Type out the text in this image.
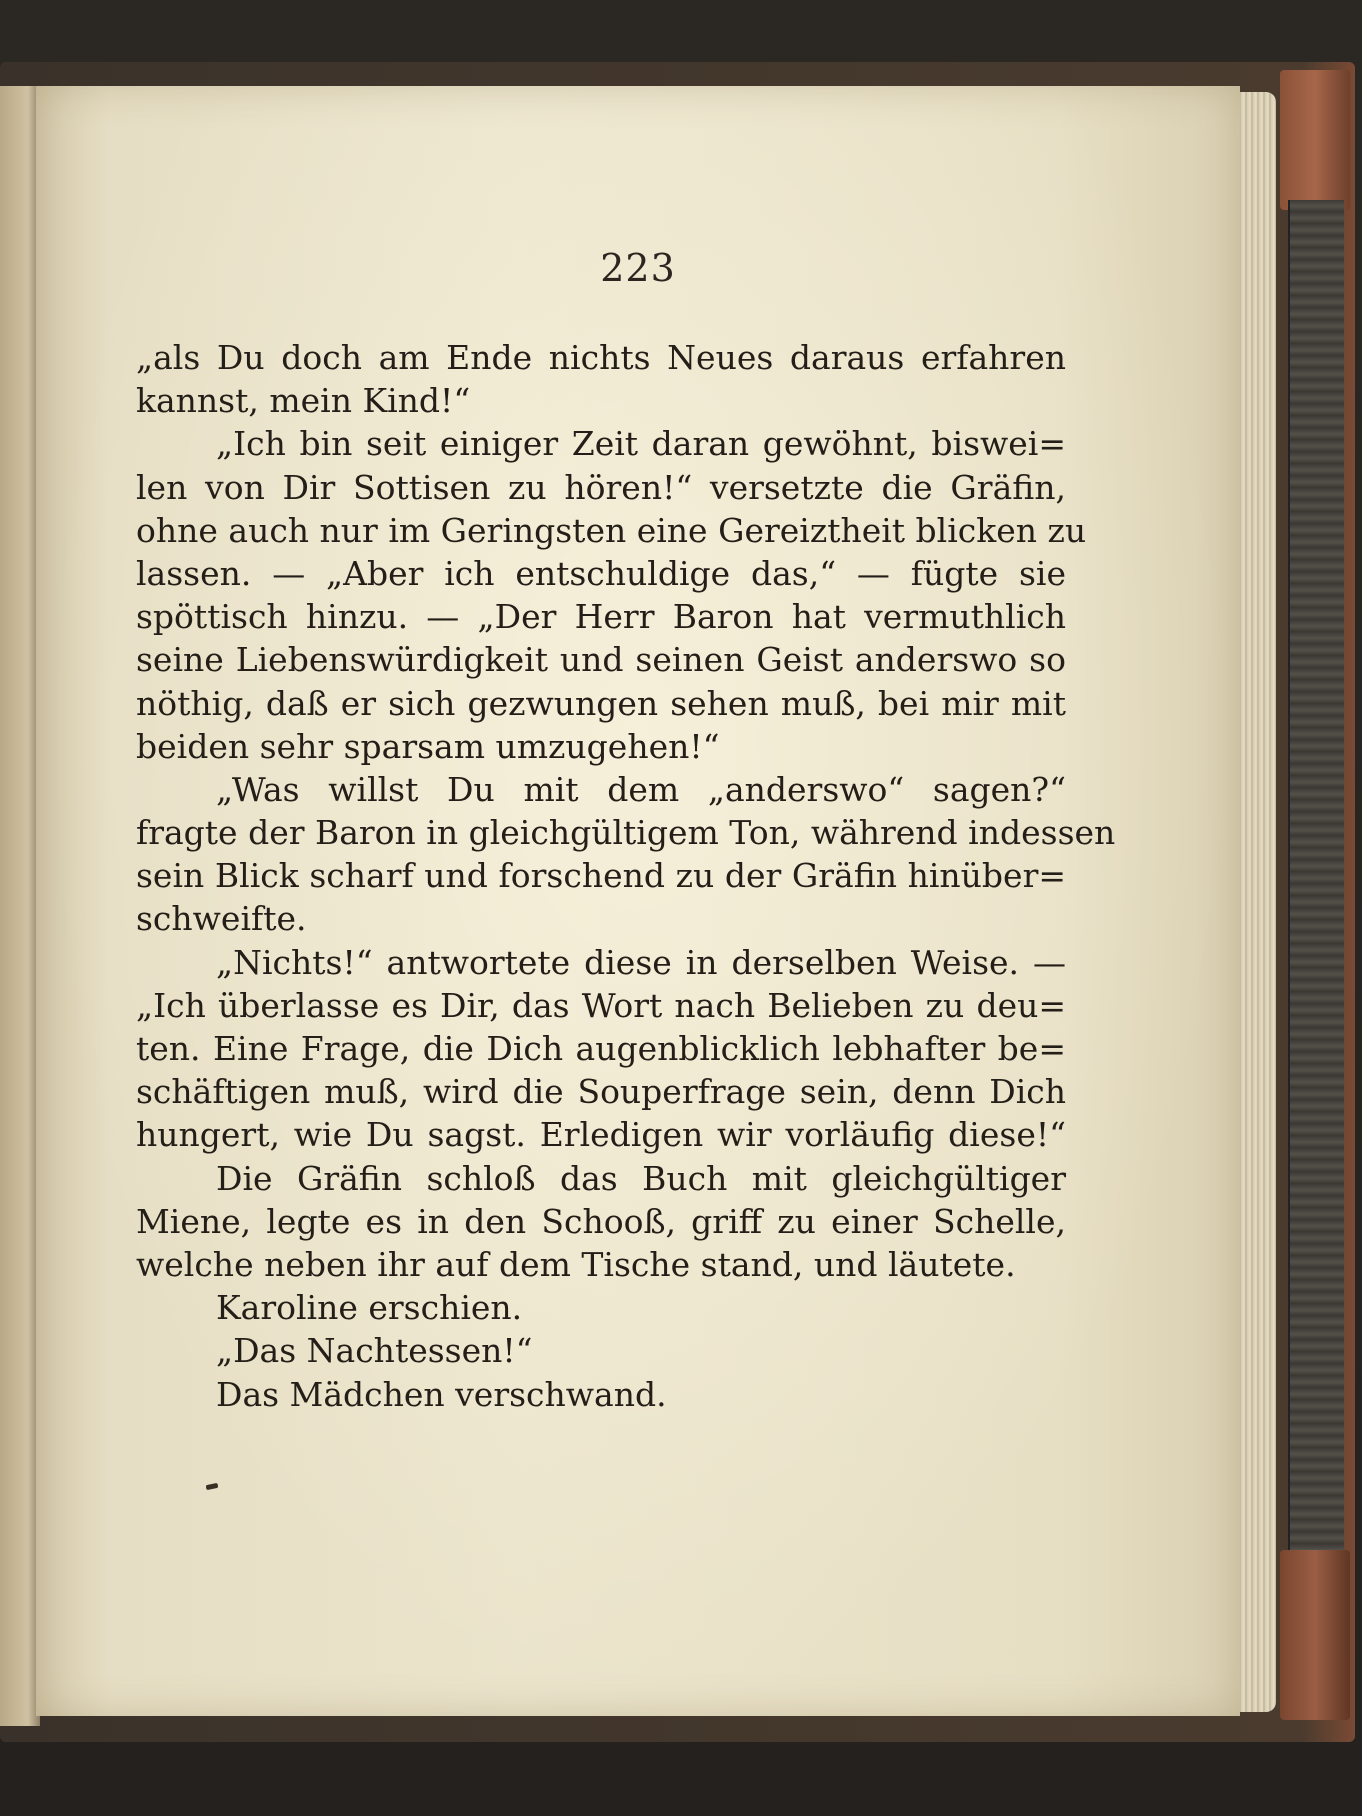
223
„als Du doch am Ende nichts Neues daraus erfahren
kannst, mein Kind!“
„Ich bin seit einiger Zeit daran gewöhnt, biswei=
len von Dir Sottisen zu hören!“ versetzte die Gräfin,
ohne auch nur im Geringsten eine Gereiztheit blicken zu
lassen. — „Aber ich entschuldige das,“ — fügte sie
spöttisch hinzu. — „Der Herr Baron hat vermuthlich
seine Liebenswürdigkeit und seinen Geist anderswo so
nöthig, daß er sich gezwungen sehen muß, bei mir mit
beiden sehr sparsam umzugehen!“
„Was willst Du mit dem „anderswo“ sagen?“
fragte der Baron in gleichgültigem Ton, während indessen
sein Blick scharf und forschend zu der Gräfin hinüber=
schweifte.
„Nichts!“ antwortete diese in derselben Weise. —
„Ich überlasse es Dir, das Wort nach Belieben zu deu=
ten. Eine Frage, die Dich augenblicklich lebhafter be=
schäftigen muß, wird die Souperfrage sein, denn Dich
hungert, wie Du sagst. Erledigen wir vorläufig diese!“
Die Gräfin schloß das Buch mit gleichgültiger
Miene, legte es in den Schooß, griff zu einer Schelle,
welche neben ihr auf dem Tische stand, und läutete.
Karoline erschien.
„Das Nachtessen!“
Das Mädchen verschwand.
